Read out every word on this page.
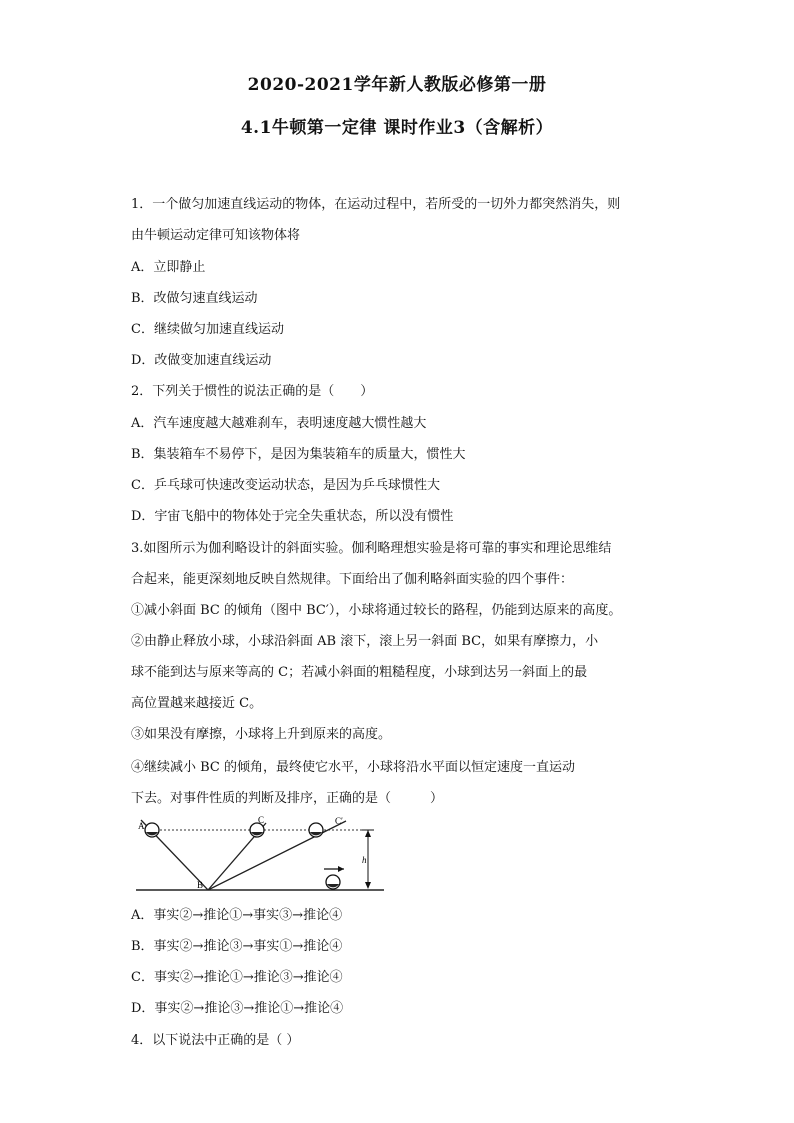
2020-2021学年新人教版必修第一册
4.1牛顿第一定律 课时作业3（含解析）
1．一个做匀加速直线运动的物体，在运动过程中，若所受的一切外力都突然消失，则
由牛顿运动定律可知该物体将
A．立即静止
B．改做匀速直线运动
C．继续做匀加速直线运动
D．改做变加速直线运动
2．下列关于惯性的说法正确的是（　　）
A．汽车速度越大越难刹车，表明速度越大惯性越大
B．集装箱车不易停下，是因为集装箱车的质量大，惯性大
C．乒乓球可快速改变运动状态，是因为乒乓球惯性大
D．宇宙飞船中的物体处于完全失重状态，所以没有惯性
3.如图所示为伽利略设计的斜面实验。伽利略理想实验是将可靠的事实和理论思维结
合起来，能更深刻地反映自然规律。下面给出了伽利略斜面实验的四个事件：
①减小斜面 BC 的倾角（图中 BC′），小球将通过较长的路程，仍能到达原来的高度。
②由静止释放小球，小球沿斜面 AB 滚下，滚上另一斜面 BC，如果有摩擦力，小
球不能到达与原来等高的 C；若减小斜面的粗糙程度，小球到达另一斜面上的最
高位置越来越接近 C。
③如果没有摩擦，小球将上升到原来的高度。
④继续减小 BC 的倾角，最终使它水平，小球将沿水平面以恒定速度一直运动
下去。对事件性质的判断及排序，正确的是（　　　）
A
B
C	C′
h
A．事实②→推论①→事实③→推论④
B．事实②→推论③→事实①→推论④
C．事实②→推论①→推论③→推论④
D．事实②→推论③→推论①→推论④
4．以下说法中正确的是（ ）
